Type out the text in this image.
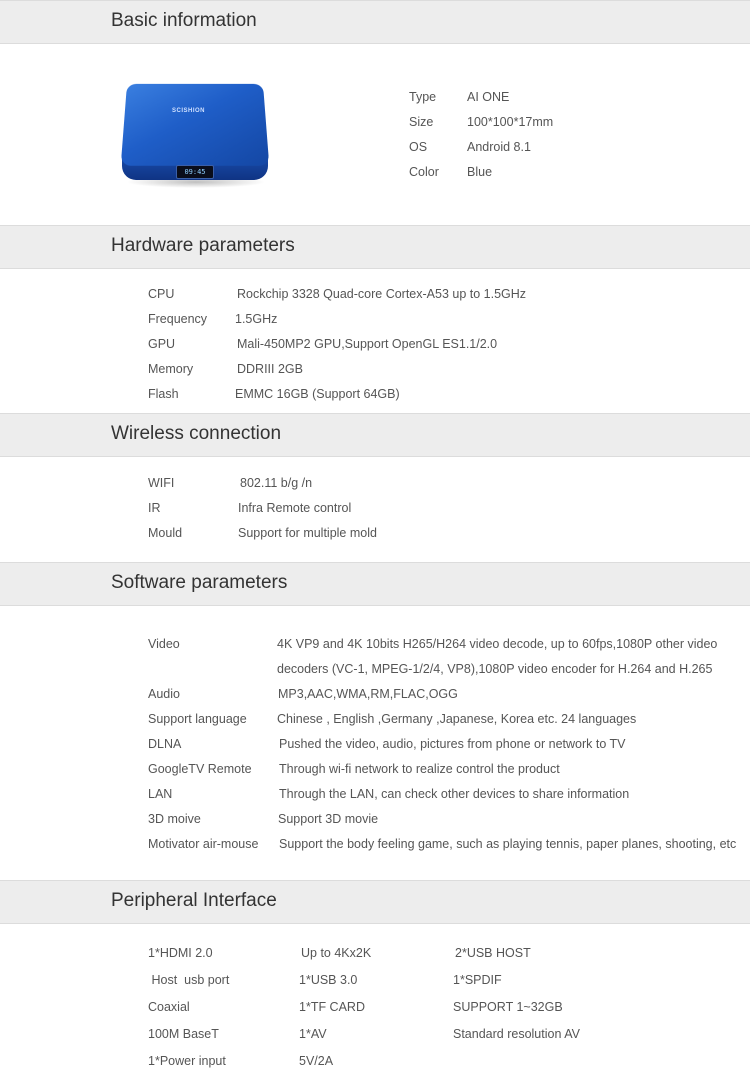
Basic information
SCISHION
09:45
Type AI ONE
Size	100*100*17mm
OS	Android 8.1
Color Blue
Hardware parameters
CPU	Rockchip 3328 Quad-core Cortex-A53 up to 1.5GHz
Frequency 1.5GHz
GPU	Mali-450MP2 GPU,Support OpenGL ES1.1/2.0
Memory	DDRIII 2GB
Flash	EMMC 16GB (Support 64GB)
Wireless connection
WIFI	802.11 b/g /n
IR	Infra Remote control
Mould	Support for multiple mold
Software parameters
Video	4K VP9 and 4K 10bits H265/H264 video decode, up to 60fps,1080P other video
decoders (VC-1, MPEG-1/2/4, VP8),1080P video encoder for H.264 and H.265
Audio	MP3,AAC,WMA,RM,FLAC,OGG
Support language Chinese , English ,Germany ,Japanese, Korea etc. 24 languages
DLNA	Pushed the video, audio, pictures from phone or network to TV
GoogleTV Remote Through wi-fi network to realize control the product
LAN	Through the LAN, can check other devices to share information
3D moive	Support 3D movie
Motivator air-mouse Support the body feeling game, such as playing tennis, paper planes, shooting, etc
Peripheral Interface
1*HDMI 2.0	Up to 4Kx2K	2*USB HOST
Host  usb port	1*USB 3.0	1*SPDIF
Coaxial	1*TF CARD	SUPPORT 1~32GB
100M BaseT	1*AV	Standard resolution AV
1*Power input	5V/2A
